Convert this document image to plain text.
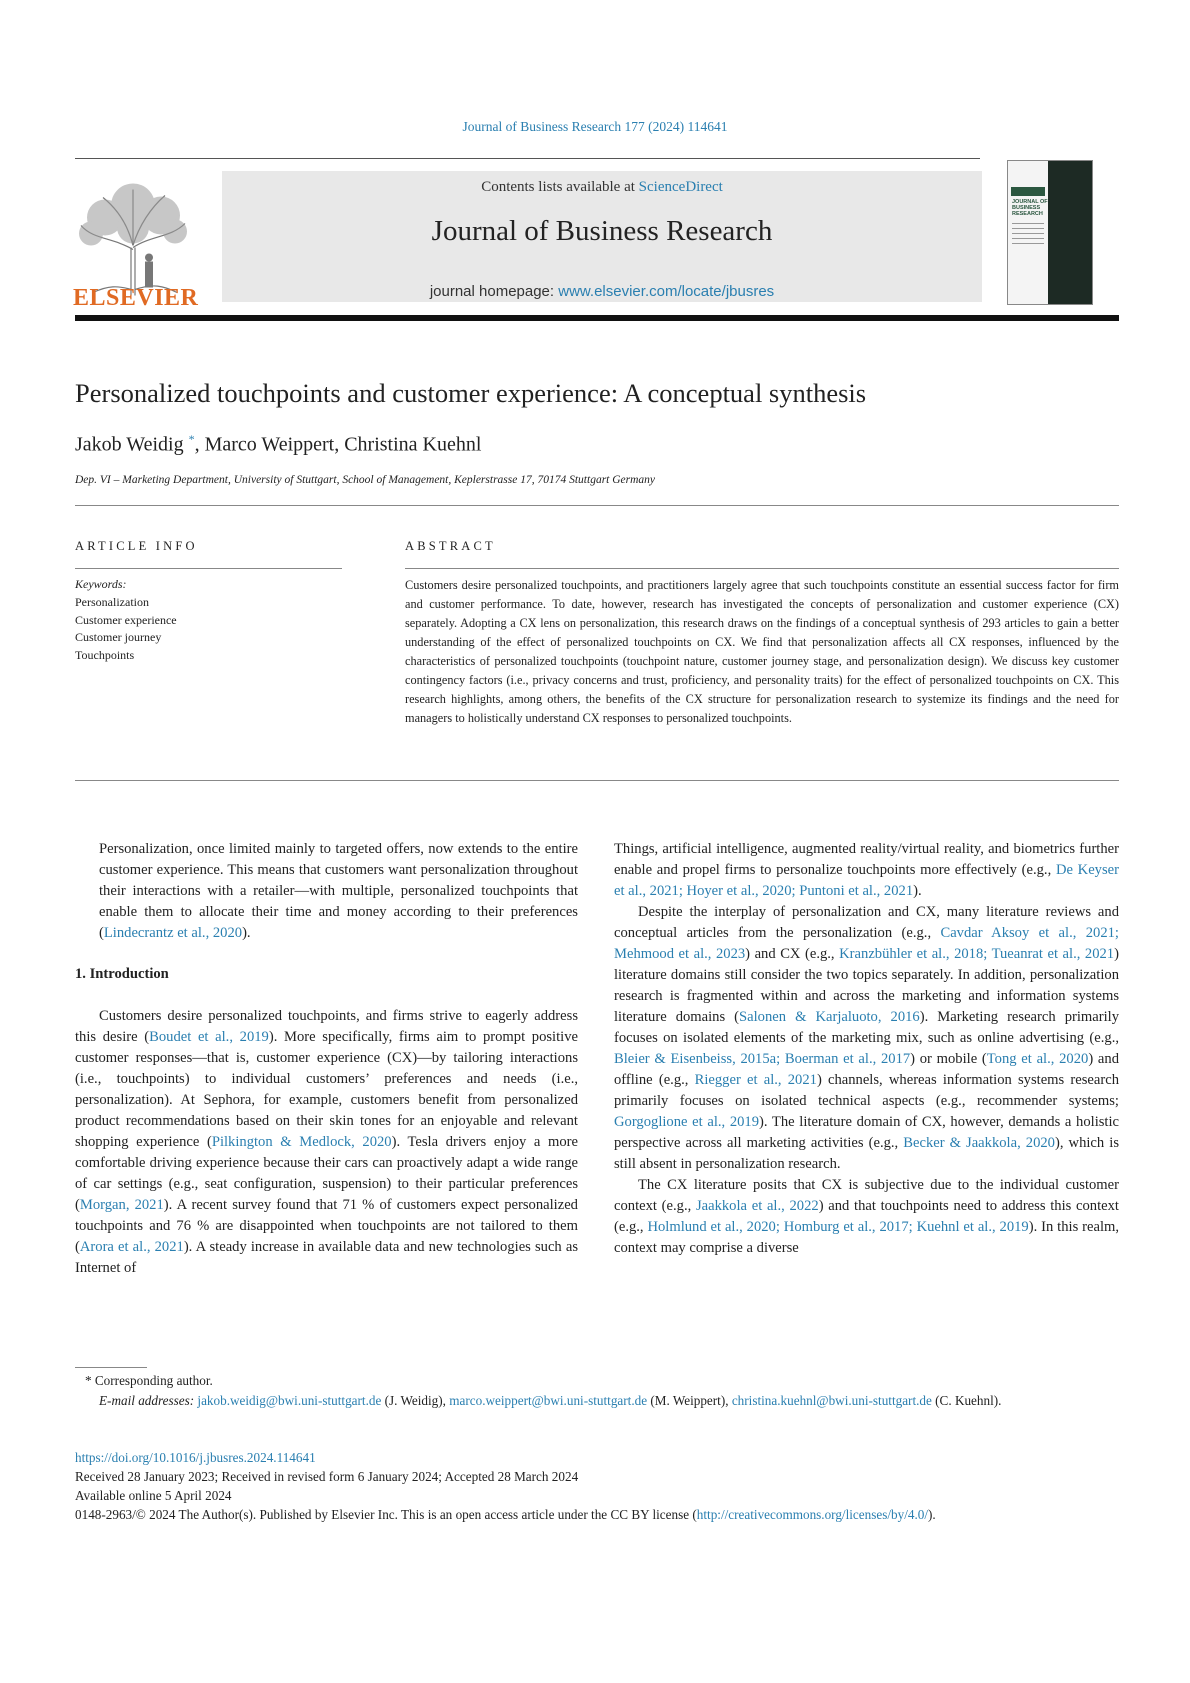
Journal of Business Research 177 (2024) 114641
ELSEVIER
Contents lists available at ScienceDirect
Journal of Business Research
journal homepage: www.elsevier.com/locate/jbusres
JOURNAL OF BUSINESS RESEARCH
Personalized touchpoints and customer experience: A conceptual synthesis
Jakob Weidig *, Marco Weippert, Christina Kuehnl
Dep. VI – Marketing Department, University of Stuttgart, School of Management, Keplerstrasse 17, 70174 Stuttgart Germany
ARTICLE INFO
Keywords:
Personalization
Customer experience
Customer journey
Touchpoints
ABSTRACT
Customers desire personalized touchpoints, and practitioners largely agree that such touchpoints constitute an essential success factor for firm and customer performance. To date, however, research has investigated the concepts of personalization and customer experience (CX) separately. Adopting a CX lens on personalization, this research draws on the findings of a conceptual synthesis of 293 articles to gain a better understanding of the effect of personalized touchpoints on CX. We find that personalization affects all CX responses, influenced by the characteristics of personalized touchpoints (touchpoint nature, customer journey stage, and personalization design). We discuss key customer contingency factors (i.e., privacy concerns and trust, proficiency, and personality traits) for the effect of personalized touchpoints on CX. This research highlights, among others, the benefits of the CX structure for personalization research to systemize its findings and the need for managers to holistically understand CX responses to personalized touchpoints.

Personalization, once limited mainly to targeted offers, now extends to the entire customer experience. This means that customers want personalization throughout their interactions with a retailer—with multiple, personalized touchpoints that enable them to allocate their time and money according to their preferences (Lindecrantz et al., 2020).

1. Introduction

Customers desire personalized touchpoints, and firms strive to eagerly address this desire (Boudet et al., 2019). More specifically, firms aim to prompt positive customer responses—that is, customer experience (CX)—by tailoring interactions (i.e., touchpoints) to individual customers’ preferences and needs (i.e., personalization). At Sephora, for example, customers benefit from personalized product recommendations based on their skin tones for an enjoyable and relevant shopping experience (Pilkington & Medlock, 2020). Tesla drivers enjoy a more comfortable driving experience because their cars can proactively adapt a wide range of car settings (e.g., seat configuration, suspension) to their particular preferences (Morgan, 2021). A recent survey found that 71 % of customers expect personalized touchpoints and 76 % are disappointed when touchpoints are not tailored to them (Arora et al., 2021). A steady increase in available data and new technologies such as Internet of

Things, artificial intelligence, augmented reality/virtual reality, and biometrics further enable and propel firms to personalize touchpoints more effectively (e.g., De Keyser et al., 2021; Hoyer et al., 2020; Puntoni et al., 2021).

Despite the interplay of personalization and CX, many literature reviews and conceptual articles from the personalization (e.g., Cavdar Aksoy et al., 2021; Mehmood et al., 2023) and CX (e.g., Kranzbühler et al., 2018; Tueanrat et al., 2021) literature domains still consider the two topics separately. In addition, personalization research is fragmented within and across the marketing and information systems literature domains (Salonen & Karjaluoto, 2016). Marketing research primarily focuses on isolated elements of the marketing mix, such as online advertising (e.g., Bleier & Eisenbeiss, 2015a; Boerman et al., 2017) or mobile (Tong et al., 2020) and offline (e.g., Riegger et al., 2021) channels, whereas information systems research primarily focuses on isolated technical aspects (e.g., recommender systems; Gorgoglione et al., 2019). The literature domain of CX, however, demands a holistic perspective across all marketing activities (e.g., Becker & Jaakkola, 2020), which is still absent in personalization research.

The CX literature posits that CX is subjective due to the individual customer context (e.g., Jaakkola et al., 2022) and that touchpoints need to address this context (e.g., Holmlund et al., 2020; Homburg et al., 2017; Kuehnl et al., 2019). In this realm, context may comprise a diverse

* Corresponding author.
E-mail addresses: jakob.weidig@bwi.uni-stuttgart.de (J. Weidig), marco.weippert@bwi.uni-stuttgart.de (M. Weippert), christina.kuehnl@bwi.uni-stuttgart.de (C. Kuehnl).
https://doi.org/10.1016/j.jbusres.2024.114641
Received 28 January 2023; Received in revised form 6 January 2024; Accepted 28 March 2024
Available online 5 April 2024
0148-2963/© 2024 The Author(s). Published by Elsevier Inc. This is an open access article under the CC BY license (http://creativecommons.org/licenses/by/4.0/).
